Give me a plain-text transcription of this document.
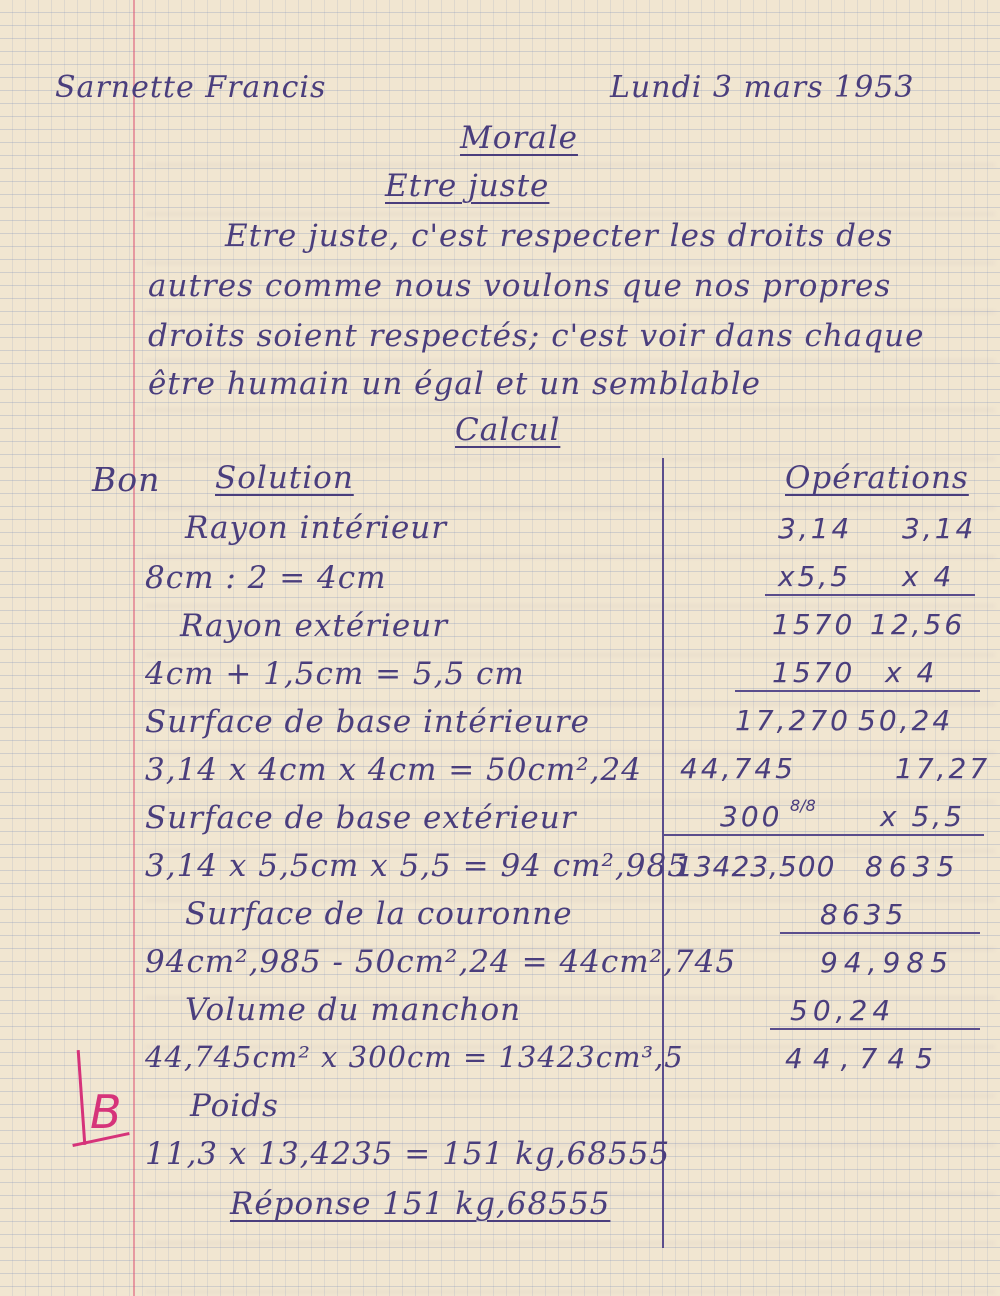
Sarnette Francis	Lundi 3 mars 1953
Morale
Etre juste
Etre juste, c'est respecter les droits des
autres comme nous voulons que nos propres
droits soient respectés; c'est voir dans chaque
être humain un égal et un semblable
Calcul
Bon Solution	Opérations
Rayon intérieur
8cm : 2 = 4cm
Rayon extérieur
4cm + 1,5cm = 5,5 cm
Surface de base intérieure
3,14 x 4cm x 4cm = 50cm²,24
Surface de base extérieur
3,14 x 5,5cm x 5,5 = 94 cm²,985
Surface de la couronne
94cm²,985 - 50cm²,24 = 44cm²,745
Volume du manchon
44,745cm² x 300cm = 13423cm³,5
Poids
11,3 x 13,4235 = 151 kg,68555
Réponse 151 kg,68555
3,14 3,14
x5,5 x 4
1570 12,56
1570 x 4
17,270 50,24
44,745	17,27
300 8/8 x 5,5
13423,500 8635
8635
94,985
50,24
44,745
B
